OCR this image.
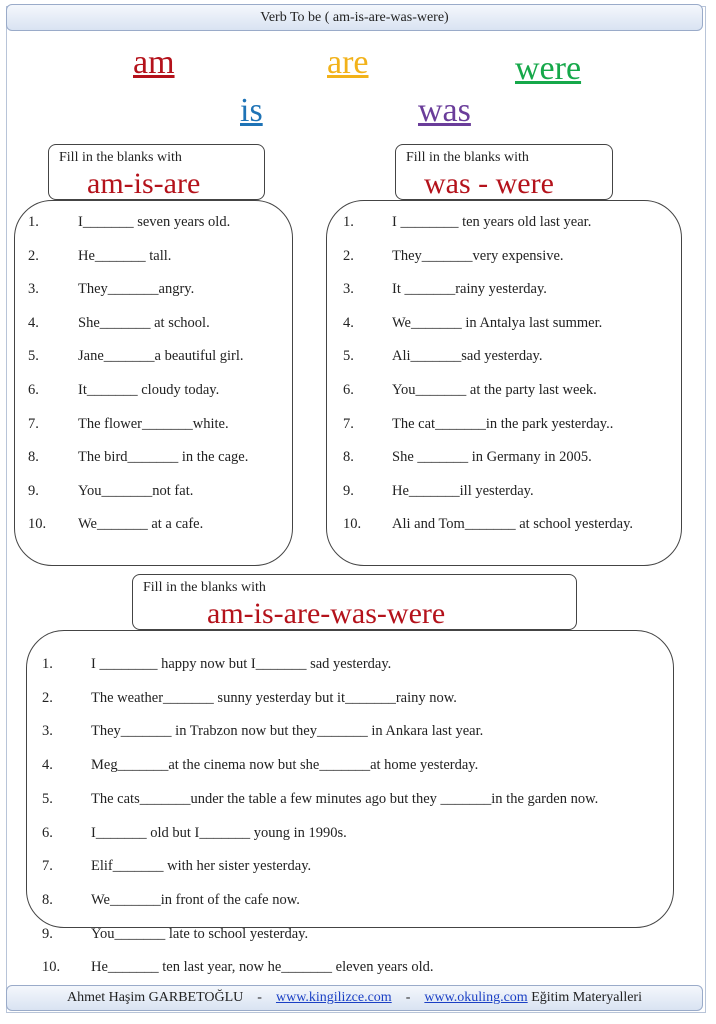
Verb To be ( am-is-are-was-were)
am	are	were
is	was
Fill in the blanks with
am-is-are
1.	I_______ seven years old.
2.	He_______ tall.
3.	They_______angry.
4.	She_______ at school.
5.	Jane_______a beautiful girl.
6.	It_______ cloudy today.
7.	The flower_______white.
8.	The bird_______ in the cage.
9.	You_______not fat.
10. We_______ at a cafe.
Fill in the blanks with
was - were
1.	I ________ ten years old last year.
2.	They_______very expensive.
3.	It _______rainy yesterday.
4.	We_______ in Antalya last summer.
5.	Ali_______sad yesterday.
6.	You_______ at the party last week.
7.	The cat_______in the park yesterday..
8.	She _______ in Germany in 2005.
9.	He_______ill yesterday.
10. Ali and Tom_______ at school yesterday.
Fill in the blanks with
am-is-are-was-were
1.	I ________ happy now but I_______ sad yesterday.
2.	The weather_______ sunny yesterday but it_______rainy now.
3.	They_______ in Trabzon now but they_______ in Ankara last year.
4.	Meg_______at the cinema now but she_______at home yesterday.
5.	The cats_______under the table a few minutes ago but they _______in the garden now.
6.	I_______ old but I_______ young in 1990s.
7.	Elif_______ with her sister yesterday.
8.	We_______in front of the cafe now.
9.	You_______ late to school yesterday.
10. He_______ ten last year, now he_______ eleven years old.
Ahmet Haşim GARBETOĞLU - www.kingilizce.com - www.okuling.com Eğitim Materyalleri
